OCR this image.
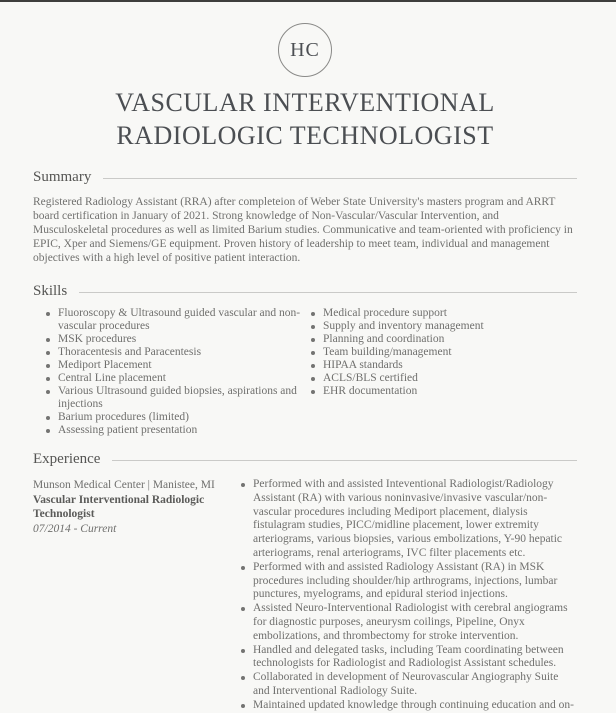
HC
VASCULAR INTERVENTIONAL
RADIOLOGIC TECHNOLOGIST
Summary

Registered Radiology Assistant (RRA) after completeion of Weber State University's masters program and ARRT board certification in January of 2021. Strong knowledge of Non-Vascular/Vascular Intervention, and Musculoskeletal procedures as well as limited Barium studies. Communicative and team-oriented with proficiency in EPIC, Xper and Siemens/GE equipment. Proven history of leadership to meet team, individual and management objectives with a high level of positive patient interaction.

Skills
Fluoroscopy & Ultrasound guided vascular and non-vascular procedures
MSK procedures
Thoracentesis and Paracentesis
Mediport Placement
Central Line placement
Various Ultrasound guided biopsies, aspirations and injections
Barium procedures (limited)
Assessing patient presentation
Medical procedure support
Supply and inventory management
Planning and coordination
Team building/management
HIPAA standards
ACLS/BLS certified
EHR documentation
Experience
Munson Medical Center | Manistee, MI
Vascular Interventional Radiologic Technologist
07/2014 - Current
Performed with and assisted Inteventional Radiologist/Radiology Assistant (RA) with various noninvasive/invasive vascular/non-vascular procedures including Mediport placement, dialysis fistulagram studies, PICC/midline placement, lower extremity arteriograms, various biopsies, various embolizations, Y-90 hepatic arteriograms, renal arteriograms, IVC filter placements etc.
Performed with and assisted Radiology Assistant (RA) in MSK procedures including shoulder/hip arthrograms, injections, lumbar punctures, myelograms, and epidural steriod injections.
Assisted Neuro-Interventional Radiologist with cerebral angiograms for diagnostic purposes, aneurysm coilings, Pipeline, Onyx embolizations, and thrombectomy for stroke intervention.
Handled and delegated tasks, including Team coordinating between technologists for Radiologist and Radiologist Assistant schedules.
Collaborated in development of Neurovascular Angiography Suite and Interventional Radiology Suite.
Maintained updated knowledge through continuing education and on-
